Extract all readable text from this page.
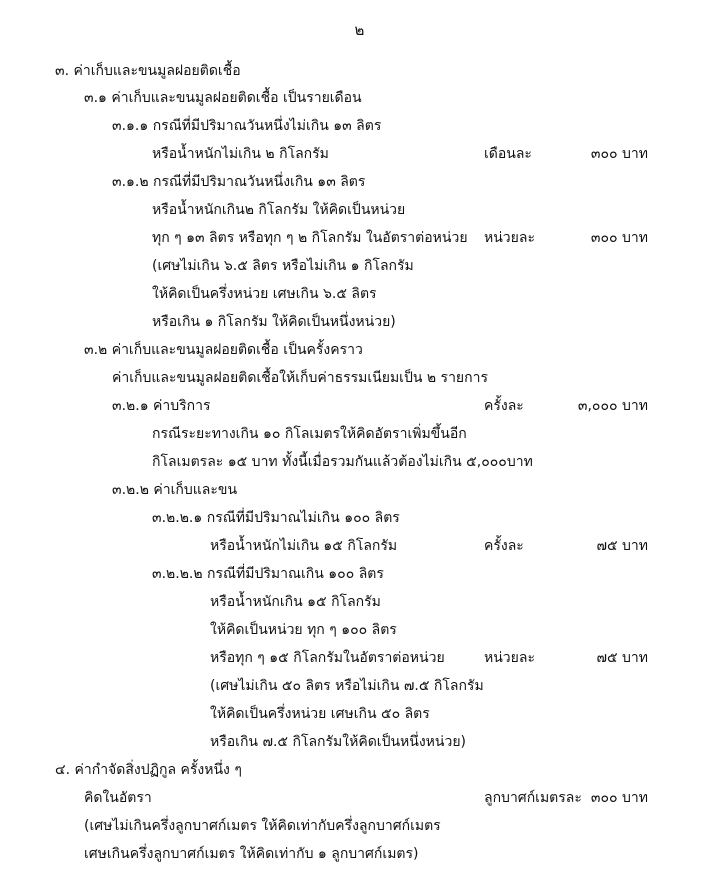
๒
๓. ค่าเก็บและขนมูลฝอยติดเชื้อ
๓.๑ ค่าเก็บและขนมูลฝอยติดเชื้อ เป็นรายเดือน
๓.๑.๑ กรณีที่มีปริมาณวันหนึ่งไม่เกิน ๑๓ ลิตร
หรือน้ำหนักไม่เกิน ๒ กิโลกรัม	เดือนละ	๓๐๐ บาท
๓.๑.๒ กรณีที่มีปริมาณวันหนึ่งเกิน ๑๓ ลิตร
หรือน้ำหนักเกิน๒ กิโลกรัม ให้คิดเป็นหน่วย
ทุก ๆ ๑๓ ลิตร หรือทุก ๆ ๒ กิโลกรัม ในอัตราต่อหน่วย หน่วยละ	๓๐๐ บาท
(เศษไม่เกิน ๖.๕ ลิตร หรือไม่เกิน ๑ กิโลกรัม
ให้คิดเป็นครึ่งหน่วย เศษเกิน ๖.๕ ลิตร
หรือเกิน ๑ กิโลกรัม ให้คิดเป็นหนึ่งหน่วย)
๓.๒ ค่าเก็บและขนมูลฝอยติดเชื้อ เป็นครั้งคราว
ค่าเก็บและขนมูลฝอยติดเชื้อให้เก็บค่าธรรมเนียมเป็น ๒ รายการ
๓.๒.๑ ค่าบริการ	ครั้งละ	๓,๐๐๐ บาท
กรณีระยะทางเกิน ๑๐ กิโลเมตรให้คิดอัตราเพิ่มขึ้นอีก
กิโลเมตรละ ๑๕ บาท ทั้งนี้เมื่อรวมกันแล้วต้องไม่เกิน ๕,๐๐๐บาท
๓.๒.๒ ค่าเก็บและขน
๓.๒.๒.๑ กรณีที่มีปริมาณไม่เกิน ๑๐๐ ลิตร
หรือน้ำหนักไม่เกิน ๑๕ กิโลกรัม	ครั้งละ	๗๕ บาท
๓.๒.๒.๒ กรณีที่มีปริมาณเกิน ๑๐๐ ลิตร
หรือน้ำหนักเกิน ๑๕ กิโลกรัม
ให้คิดเป็นหน่วย ทุก ๆ ๑๐๐ ลิตร
หรือทุก ๆ ๑๕ กิโลกรัมในอัตราต่อหน่วย	หน่วยละ	๗๕ บาท
(เศษไม่เกิน ๕๐ ลิตร หรือไม่เกิน ๗.๕ กิโลกรัม
ให้คิดเป็นครึ่งหน่วย เศษเกิน ๕๐ ลิตร
หรือเกิน ๗.๕ กิโลกรัมให้คิดเป็นหนึ่งหน่วย)
๔. ค่ากำจัดสิ่งปฏิกูล ครั้งหนึ่ง ๆ
คิดในอัตรา	ลูกบาศก์เมตรละ ๓๐๐ บาท
(เศษไม่เกินครึ่งลูกบาศก์เมตร ให้คิดเท่ากับครึ่งลูกบาศก์เมตร
เศษเกินครึ่งลูกบาศก์เมตร ให้คิดเท่ากับ ๑ ลูกบาศก์เมตร)
